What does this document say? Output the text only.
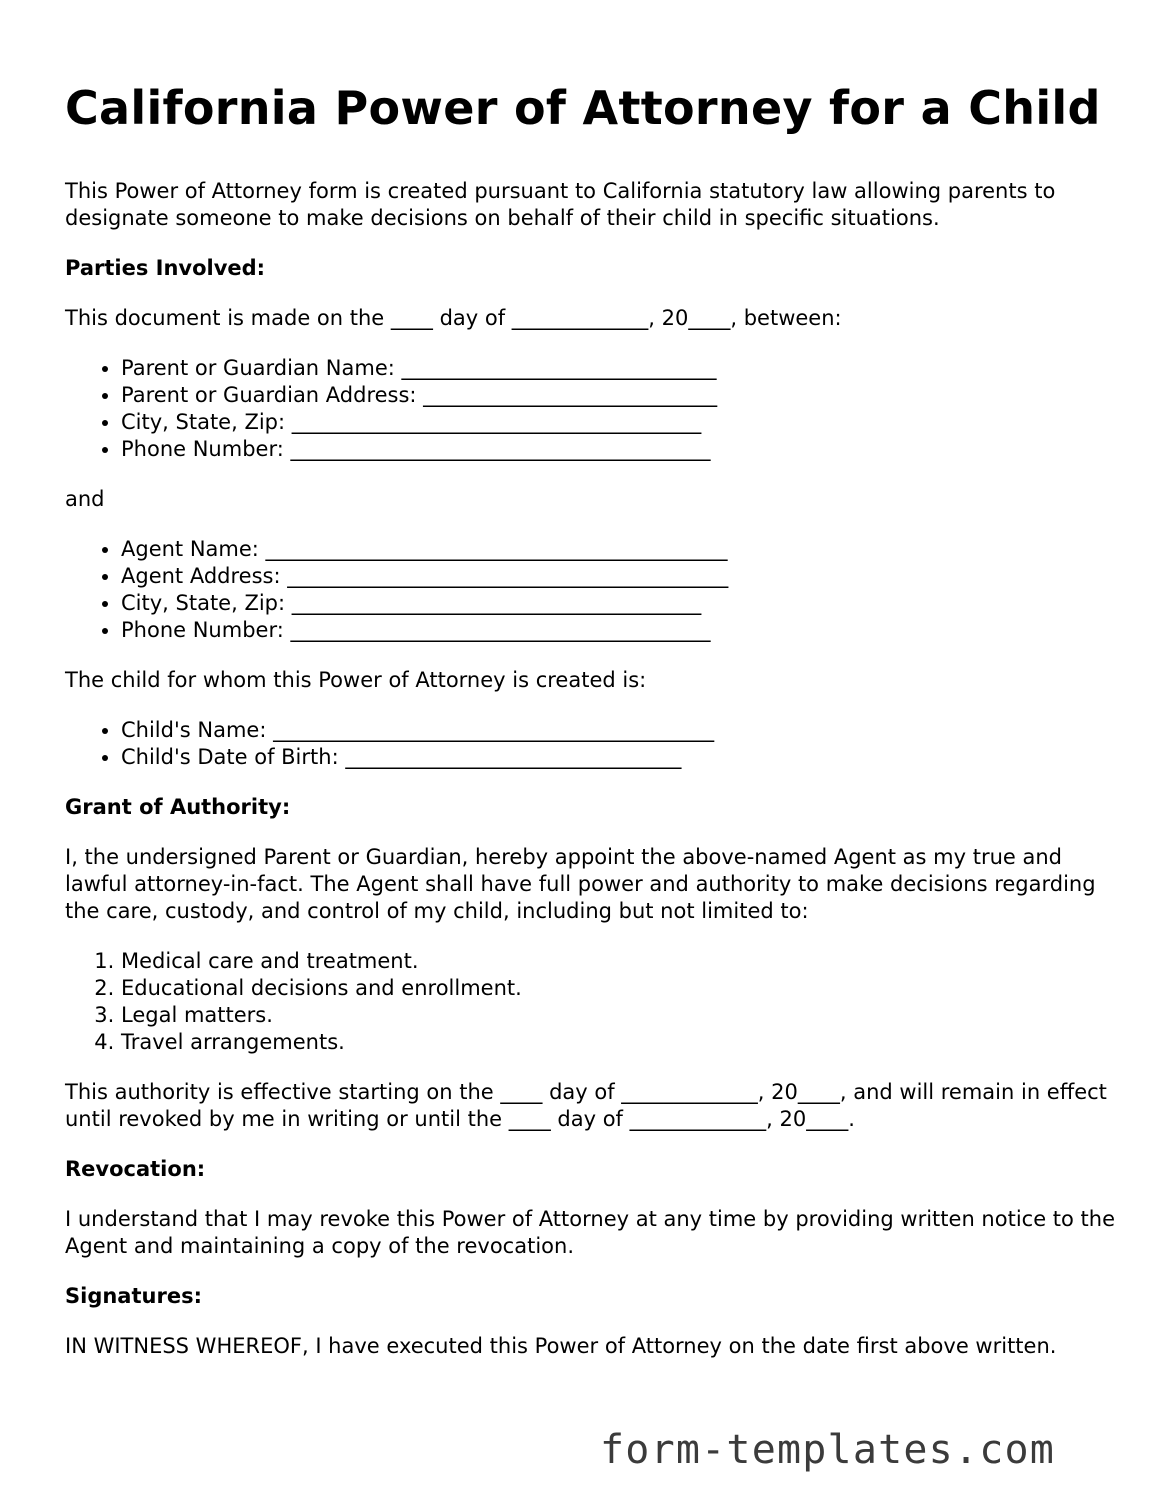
California Power of Attorney for a Child

This Power of Attorney form is created pursuant to California statutory law allowing parents to designate someone to make decisions on behalf of their child in specific situations.

Parties Involved:

This document is made on the ____ day of _____________, 20____, between:

• Parent or Guardian Name: ______________________________
• Parent or Guardian Address: ____________________________
• City, State, Zip: _______________________________________
• Phone Number: ________________________________________

and

• Agent Name: ____________________________________________
• Agent Address: __________________________________________
• City, State, Zip: _______________________________________
• Phone Number: ________________________________________

The child for whom this Power of Attorney is created is:

• Child's Name: __________________________________________
• Child's Date of Birth: ________________________________
Grant of Authority:

I, the undersigned Parent or Guardian, hereby appoint the above-named Agent as my true and lawful attorney-in-fact. The Agent shall have full power and authority to make decisions regarding the care, custody, and control of my child, including but not limited to:

1. Medical care and treatment.
2. Educational decisions and enrollment.
3. Legal matters.
4. Travel arrangements.

This authority is effective starting on the ____ day of _____________, 20____, and will remain in effect until revoked by me in writing or until the ____ day of _____________, 20____.

Revocation:

I understand that I may revoke this Power of Attorney at any time by providing written notice to the Agent and maintaining a copy of the revocation.

Signatures:

IN WITNESS WHEREOF, I have executed this Power of Attorney on the date first above written.

form-templates.com
